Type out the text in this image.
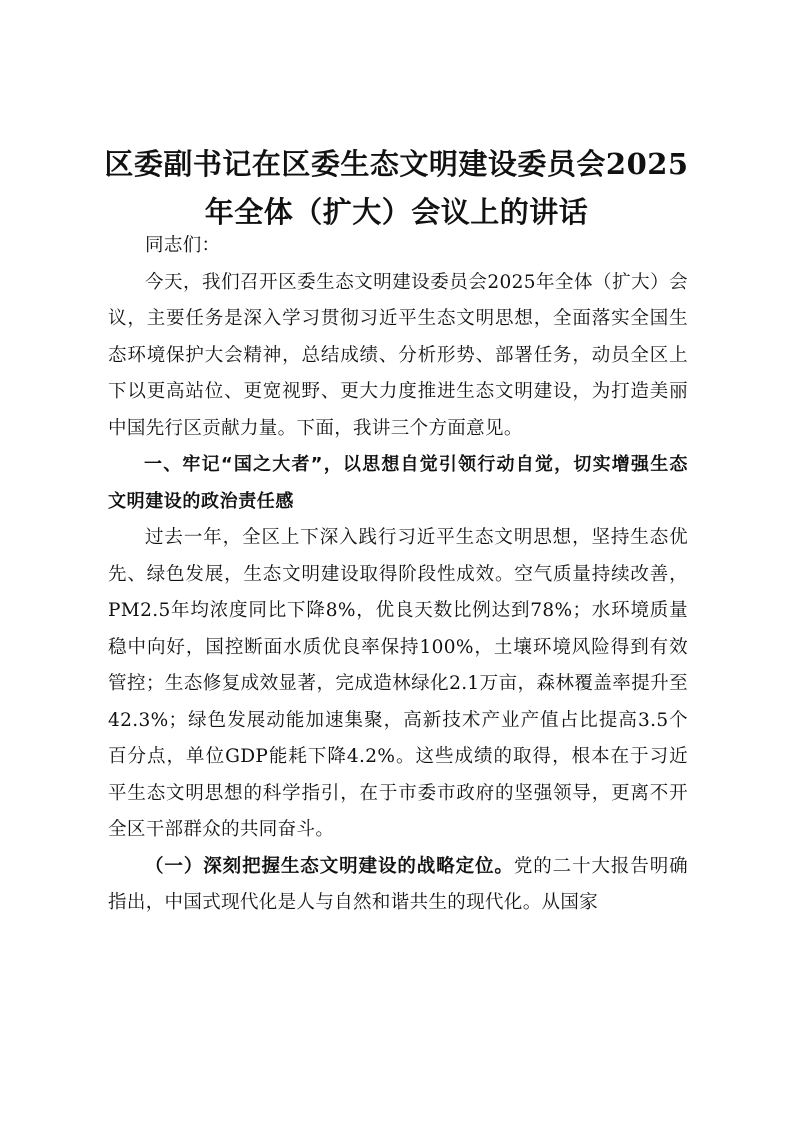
区委副书记在区委生态文明建设委员会2025年全体（扩大）会议上的讲话

同志们：

今天，我们召开区委生态文明建设委员会2025年全体（扩大）会议，主要任务是深入学习贯彻习近平生态文明思想，全面落实全国生态环境保护大会精神，总结成绩、分析形势、部署任务，动员全区上下以更高站位、更宽视野、更大力度推进生态文明建设，为打造美丽中国先行区贡献力量。下面，我讲三个方面意见。

一、牢记“国之大者”，以思想自觉引领行动自觉，切实增强生态文明建设的政治责任感

过去一年，全区上下深入践行习近平生态文明思想，坚持生态优先、绿色发展，生态文明建设取得阶段性成效。空气质量持续改善，PM2.5年均浓度同比下降8%，优良天数比例达到78%；水环境质量稳中向好，国控断面水质优良率保持100%，土壤环境风险得到有效管控；生态修复成效显著，完成造林绿化2.1万亩，森林覆盖率提升至42.3%；绿色发展动能加速集聚，高新技术产业产值占比提高3.5个百分点，单位GDP能耗下降4.2%。这些成绩的取得，根本在于习近平生态文明思想的科学指引，在于市委市政府的坚强领导，更离不开全区干部群众的共同奋斗。

（一）深刻把握生态文明建设的战略定位。党的二十大报告明确指出，中国式现代化是人与自然和谐共生的现代化。从国家
